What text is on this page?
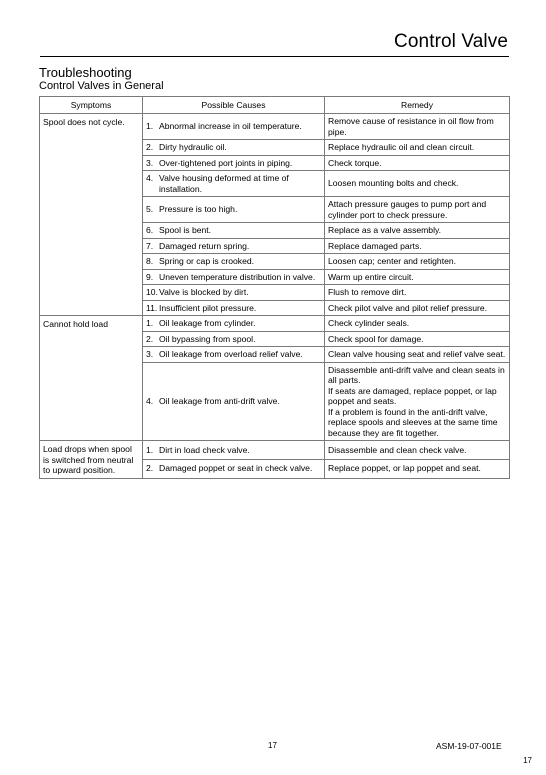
Control Valve
Troubleshooting
Control Valves in General
Symptoms	Possible Causes	Remedy
Spool does not cycle.	1. Abnormal increase in oil temperature.	Remove cause of resistance in oil flow from pipe.

	2. Dirty hydraulic oil.	Replace hydraulic oil and clean circuit.

	3. Over-tightened port joints in piping.	Check torque.

	4. Valve housing deformed at time of installation.	Loosen mounting bolts and check.

	5. Pressure is too high.	Attach pressure gauges to pump port and cylinder port to check pressure.

	6. Spool is bent.	Replace as a valve assembly.

	7. Damaged return spring.	Replace damaged parts.

	8. Spring or cap is crooked.	Loosen cap; center and retighten.

	9. Uneven temperature distribution in valve.	Warm up entire circuit.

	10. Valve is blocked by dirt.	Flush to remove dirt.

	11. Insufficient pilot pressure.	Check pilot valve and pilot relief pressure.
Cannot hold load	1. Oil leakage from cylinder.	Check cylinder seals.

	2. Oil bypassing from spool.	Check spool for damage.

	3. Oil leakage from overload relief valve.	Clean valve housing seat and relief valve seat.

	4. Oil leakage from anti-drift valve.	Disassemble anti-drift valve and clean seats in all parts.
If seats are damaged, replace poppet, or lap poppet and seats.
If a problem is found in the anti-drift valve, replace spools and sleeves at the same time because they are fit together.
Load drops when spool is switched from neutral to upward position.	1. Dirt in load check valve.	Disassemble and clean check valve.

	2. Damaged poppet or seat in check valve.	Replace poppet, or lap poppet and seat.
17	ASM-19-07-001E
17
